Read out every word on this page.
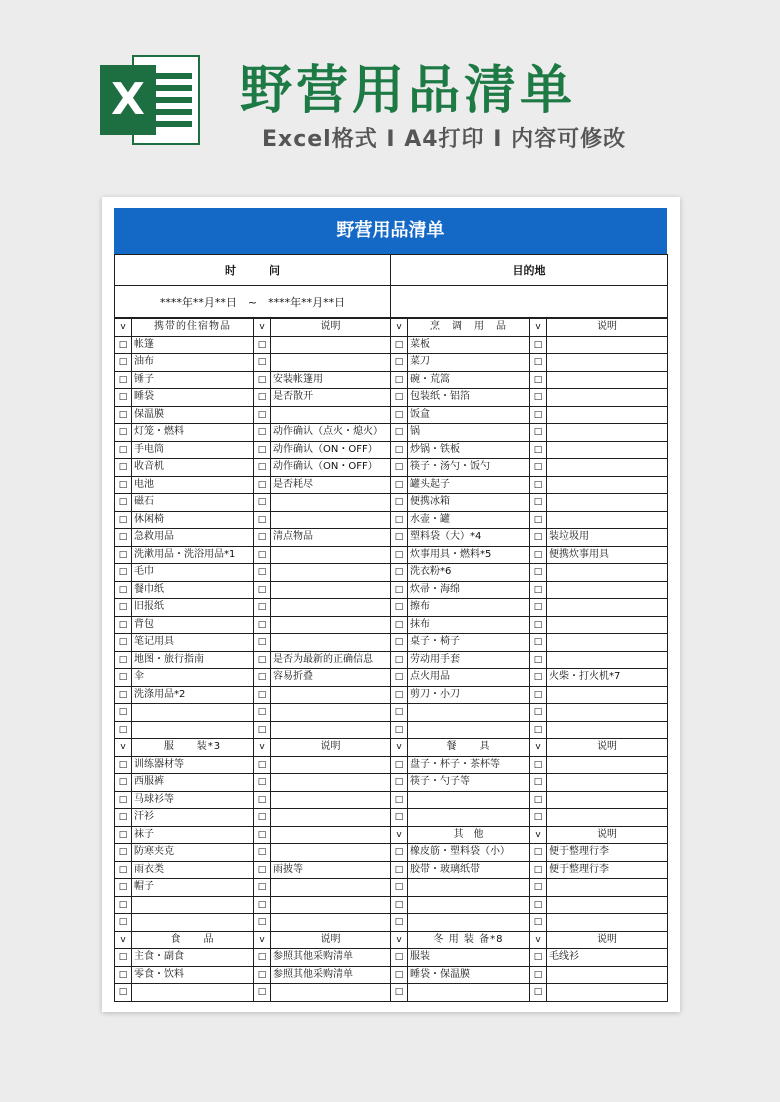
X 野营用品清单
Excel格式 I A4打印 I 内容可修改
野营用品清单
时　　　问	目的地
****年**月**日　~　****年**月**日	
v	携带的住宿物品	v	说明	v	烹　调　用　品	v	说明
□	帐篷	□		□	菜板	□	
□	油布	□		□	菜刀	□	
□	锤子	□	安装帐篷用	□	碗・荒篙	□	
□	睡袋	□	是否散开	□	包装纸・铝箔	□	
□	保温膜	□		□	饭盒	□	
□	灯笼・燃料	□	动作确认（点火・熄火）	□	锅	□	
□	手电筒	□	动作确认（ON・OFF）	□	炒锅・铁板	□	
□	收音机	□	动作确认（ON・OFF）	□	筷子・汤勺・饭勺	□	
□	电池	□	是否耗尽	□	罐头起子	□	
□	磁石	□		□	便携冰箱	□	
□	休闲椅	□		□	水壶・罐	□	
□	急救用品	□	清点物品	□	塑料袋（大）*4	□	装垃圾用
□	洗漱用品・洗浴用品*1	□		□	炊事用具・燃料*5	□	便携炊事用具
□	毛巾	□		□	洗衣粉*6	□	
□	餐巾纸	□		□	炊帚・海绵	□	
□	旧报纸	□		□	擦布	□	
□	背包	□		□	抹布	□	
□	笔记用具	□		□	桌子・椅子	□	
□	地图・旅行指南	□	是否为最新的正确信息	□	劳动用手套	□	
□	伞	□	容易折叠	□	点火用品	□	火柴・打火机*7
□	洗涤用品*2	□		□	剪刀・小刀	□	
□		□		□		□	
□		□		□		□	
v	服　　装*3	v	说明	v	餐　　具	v	说明
□	训练器材等	□		□	盘子・杯子・茶杯等	□	
□	西服裤	□		□	筷子・勺子等	□	
□	马球衫等	□		□		□	
□	汗衫	□		□		□	
□	袜子	□		v	其　他	v	说明
□	防寒夹克	□		□	橡皮筋・塑料袋（小）	□	便于整理行李
□	雨衣类	□	雨披等	□	胶带・玻璃纸带	□	便于整理行李
□	帽子	□		□		□	
□		□		□		□	
□		□		□		□	
v	食　　品	v	说明	v	冬 用 装 备*8	v	说明
□	主食・副食	□	参照其他采购清单	□	服装	□	毛线衫
□	零食・饮料	□	参照其他采购清单	□	睡袋・保温膜	□	
□		□		□		□	
